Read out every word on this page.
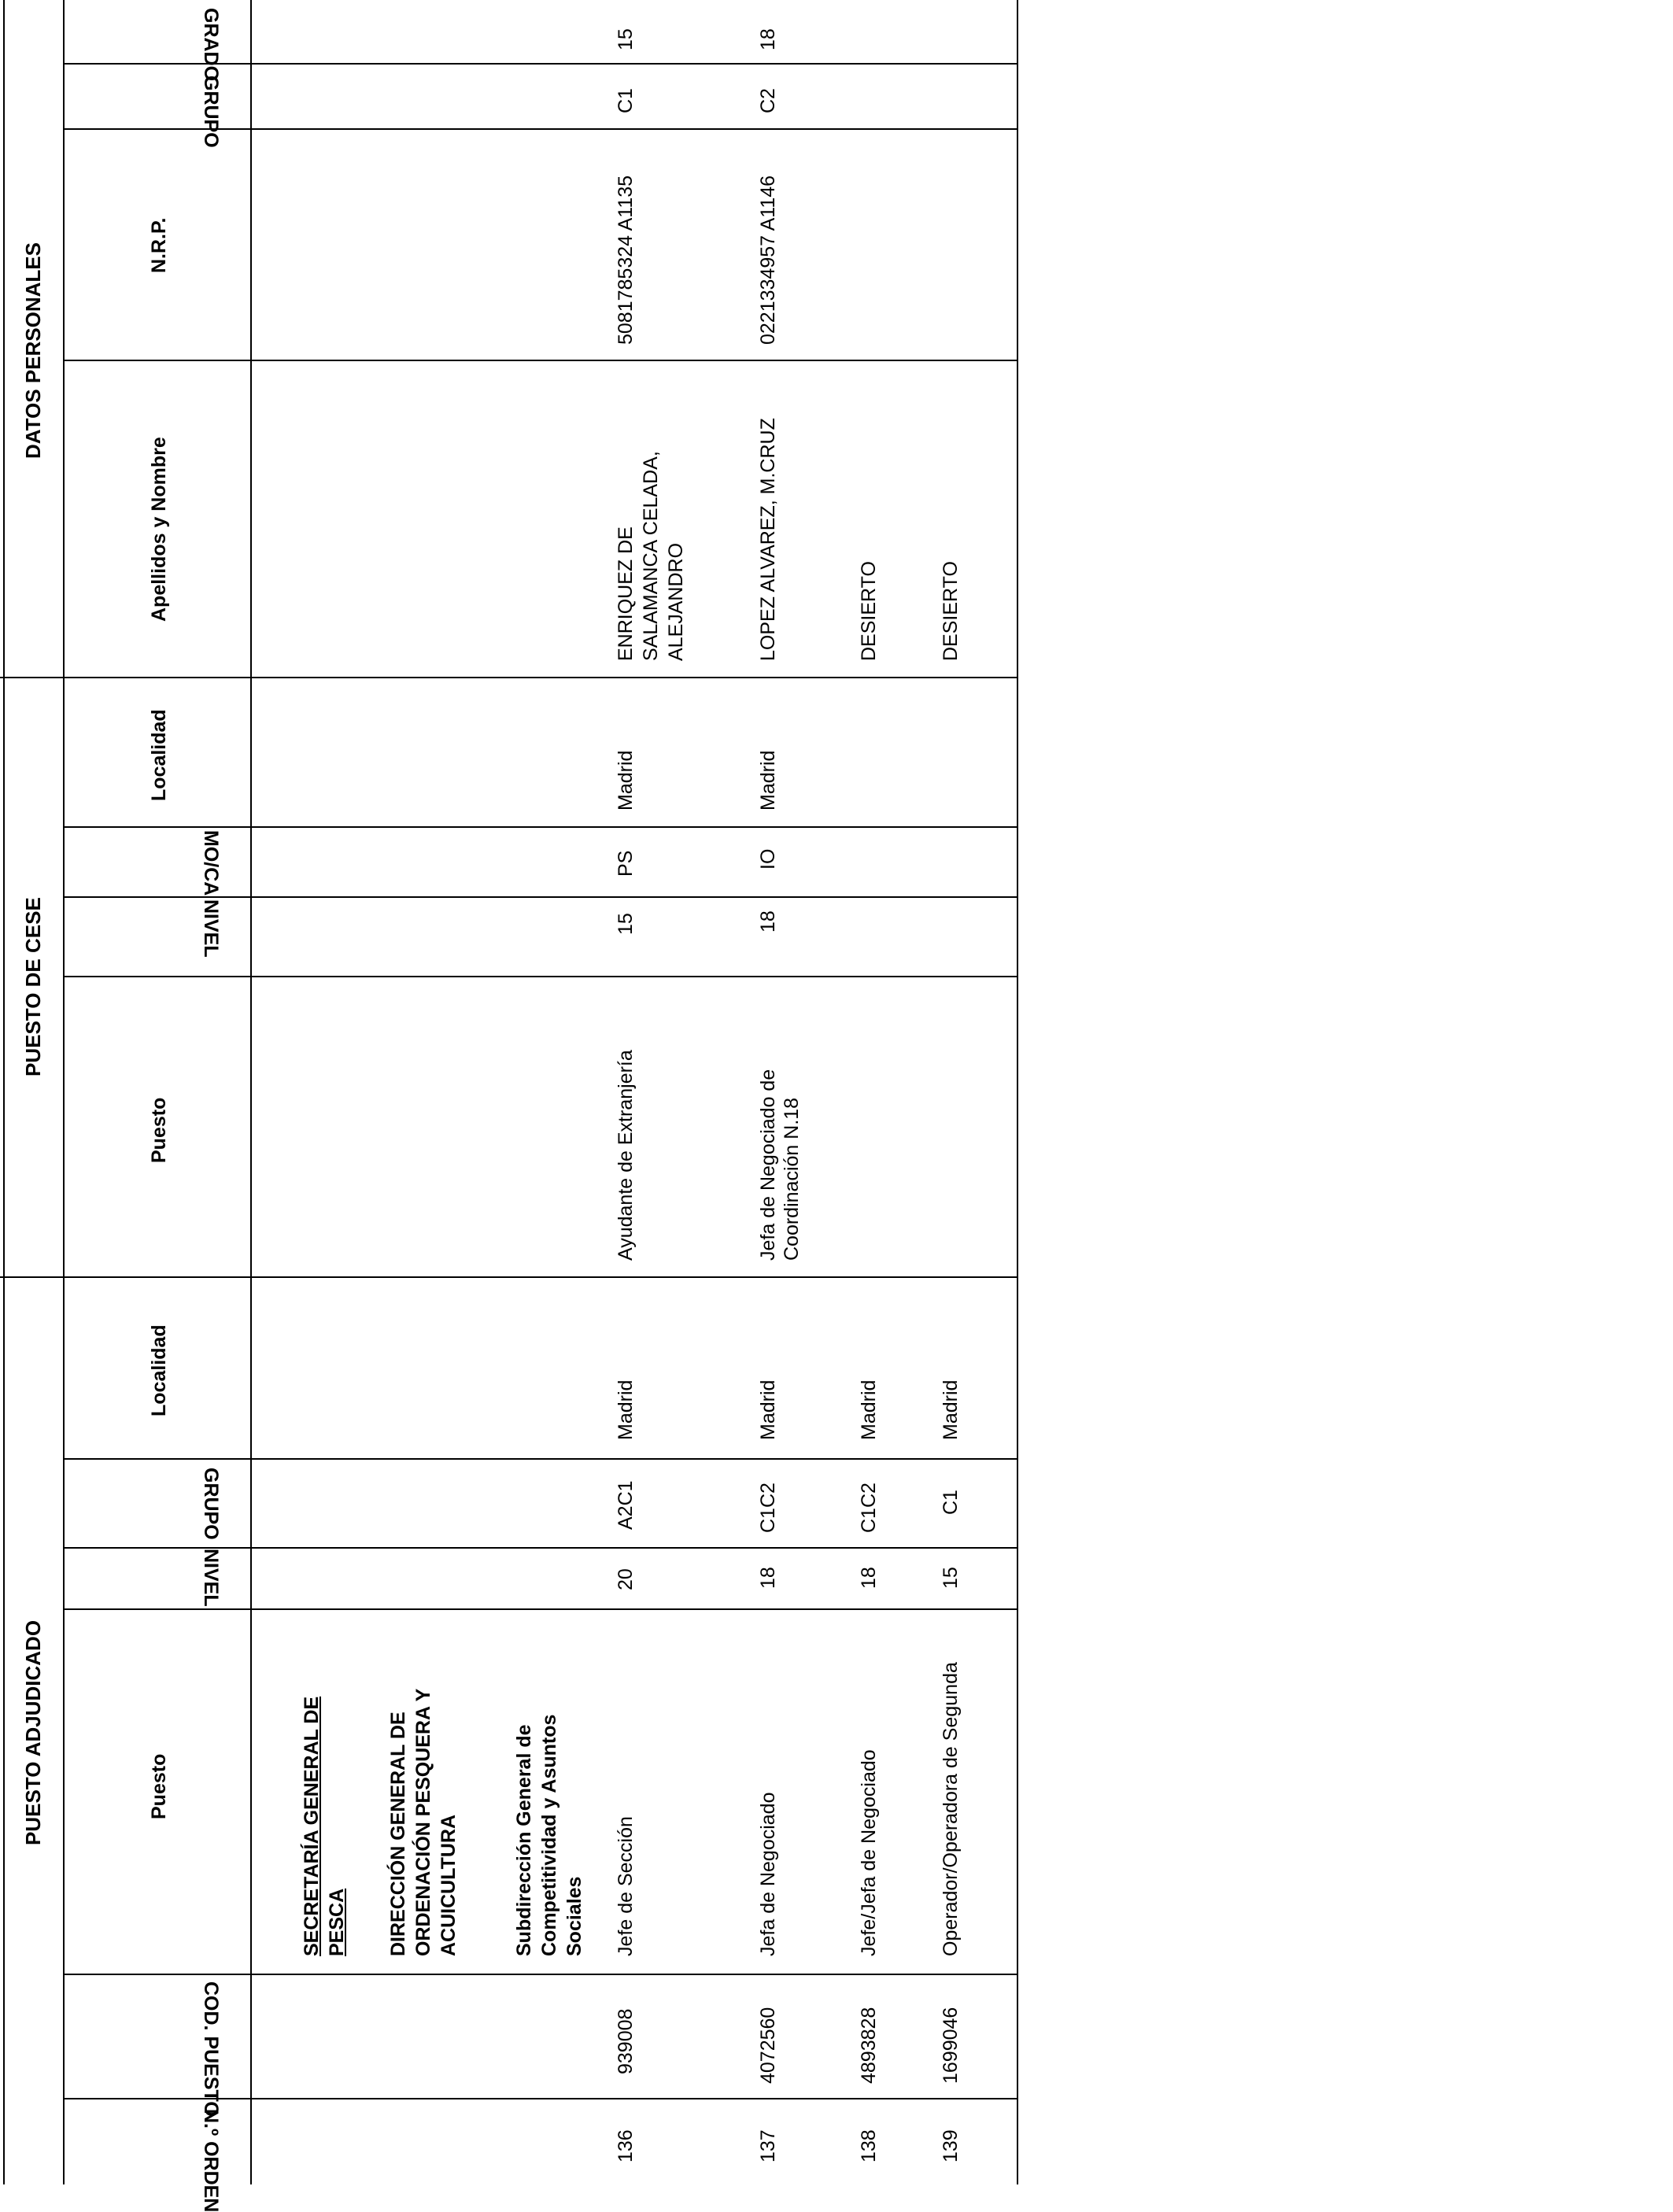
PUESTO ADJUDICADO
PUESTO DE CESE
DATOS PERSONALES
N.º ORDEN
COD. PUESTO
Puesto
NIVEL
GRUPO
Localidad
Puesto
NIVEL
MO/CA
Localidad
Apellidos y Nombre
N.R.P.
GRUPO
GRADO
SECRETARÍA GENERAL DE PESCA DIRECCIÓN GENERAL DE ORDENACIÓN PESQUERA Y ACUICULTURA	Subdirección General de Competitividad y Asuntos Sociales
136
939008
Jefe de Sección
20
A2C1
Madrid
Ayudante de Extranjería
15
PS
Madrid
ENRIQUEZ DE SALAMANCA CELADA, ALEJANDRO
5081785324 A1135
C1
15
137
4072560
Jefa de Negociado
18
C1C2
Madrid
Jefa de Negociado de Coordinación N.18
18
IO
Madrid
LOPEZ ALVAREZ, M.CRUZ
0221334957 A1146
C2
18
138
4893828
Jefe/Jefa de Negociado
18
C1C2
Madrid
DESIERTO
139
1699046
Operador/Operadora de Segunda
15
C1
Madrid
DESIERTO
